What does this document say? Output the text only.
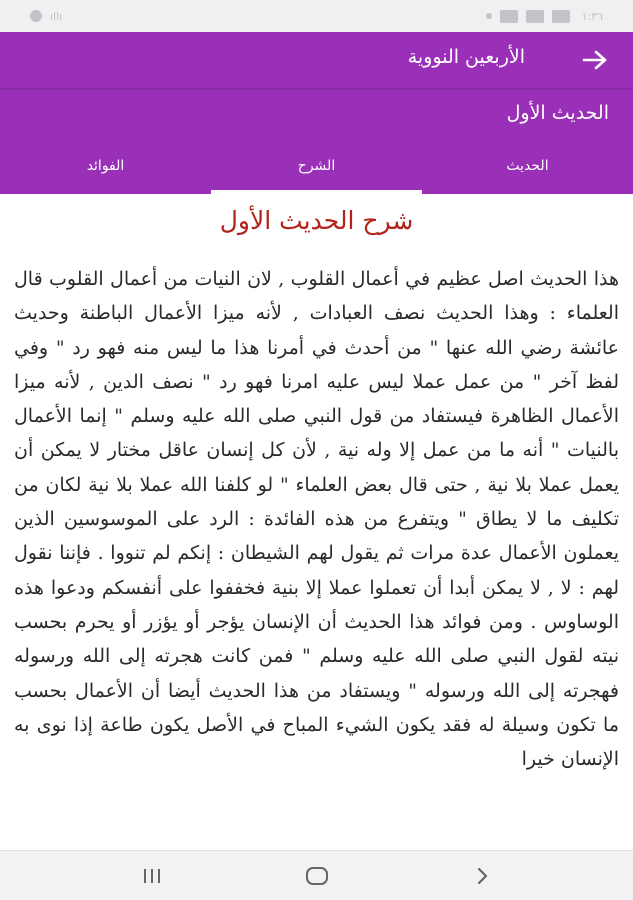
ıllı	١:٣٦
الأربعين النووية
الحديث الأول
الحديث
الشرح
الفوائد
شرح الحديث الأول

هذا الحديث اصل عظيم في أعمال القلوب , لان النيات من أعمال القلوب قال العلماء : وهذا الحديث نصف العبادات , لأنه ميزا الأعمال الباطنة وحديث عائشة رضي الله عنها " من أحدث في أمرنا هذا ما ليس منه فهو رد " وفي لفظ آخر " من عمل عملا ليس عليه امرنا فهو رد " نصف الدين , لأنه ميزا الأعمال الظاهرة فيستفاد من قول النبي صلى الله عليه وسلم " إنما الأعمال بالنيات " أنه ما من عمل إلا وله نية , لأن كل إنسان عاقل مختار لا يمكن أن يعمل عملا بلا نية , حتى قال بعض العلماء " لو كلفنا الله عملا بلا نية لكان من تكليف ما لا يطاق " ويتفرع من هذه الفائدة : الرد على الموسوسين الذين يعملون الأعمال عدة مرات ثم يقول لهم الشيطان : إنكم لم تنووا . فإننا نقول لهم : لا , لا يمكن أبدا أن تعملوا عملا إلا بنية فخففوا على أنفسكم ودعوا هذه الوساوس . ومن فوائد هذا الحديث أن الإنسان يؤجر أو يؤزر أو يحرم بحسب نيته لقول النبي صلى الله عليه وسلم " فمن كانت هجرته إلى الله ورسوله فهجرته إلى الله ورسوله " ويستفاد من هذا الحديث أيضا أن الأعمال بحسب ما تكون وسيلة له فقد يكون الشيء المباح في الأصل يكون طاعة إذا نوى به الإنسان خيرا
